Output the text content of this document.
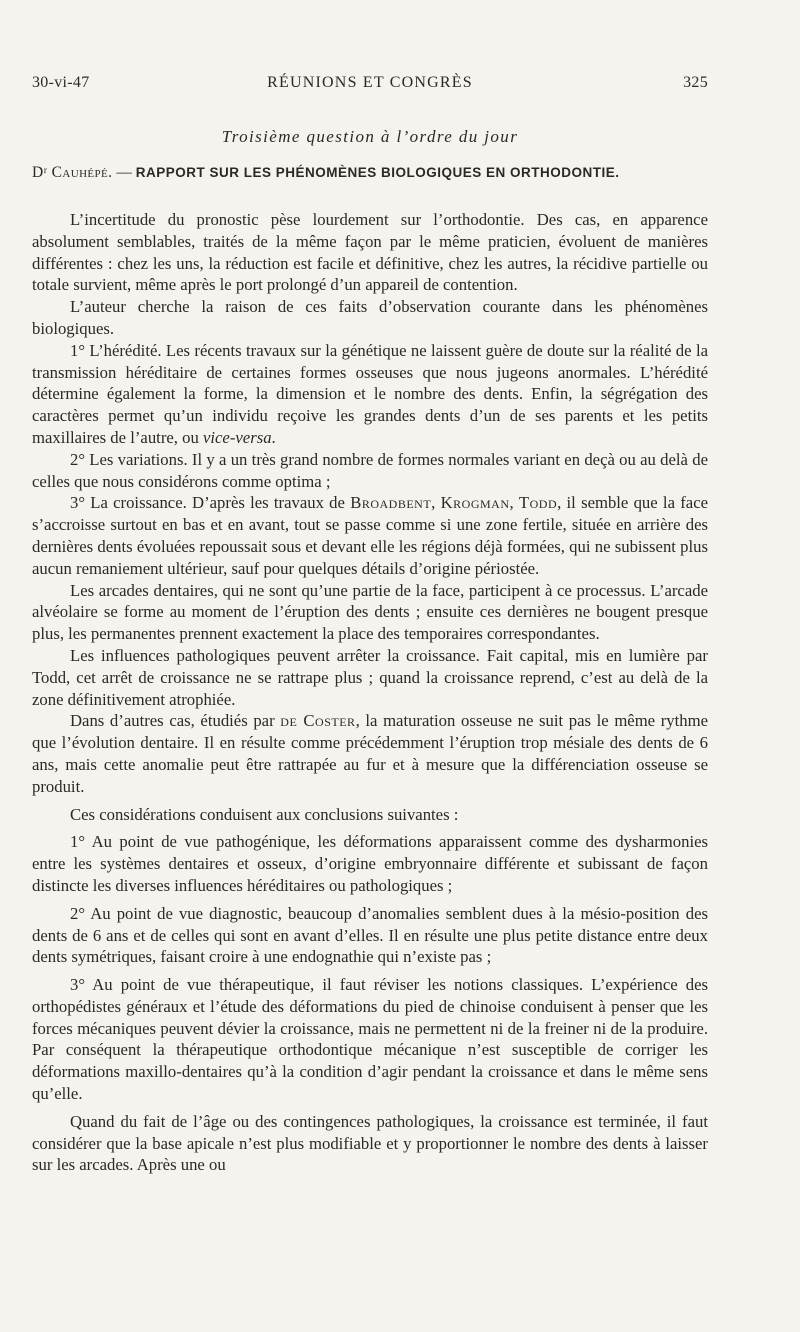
30-vi-47	RÉUNIONS ET CONGRÈS	325
Troisième question à l’ordre du jour
Dʳ Cauhépé. — RAPPORT SUR LES PHÉNOMÈNES BIOLOGIQUES EN ORTHODONTIE.

L’incertitude du pronostic pèse lourdement sur l’orthodontie. Des cas, en apparence absolument semblables, traités de la même façon par le même praticien, évoluent de manières différentes : chez les uns, la réduction est facile et définitive, chez les autres, la récidive partielle ou totale survient, même après le port prolongé d’un appareil de contention.

L’auteur cherche la raison de ces faits d’observation courante dans les phénomènes biologiques.

1° L’hérédité. Les récents travaux sur la génétique ne laissent guère de doute sur la réalité de la transmission héréditaire de certaines formes osseuses que nous jugeons anormales. L’hérédité détermine également la forme, la dimension et le nombre des dents. Enfin, la ségrégation des caractères permet qu’un individu reçoive les grandes dents d’un de ses parents et les petits maxillaires de l’autre, ou vice-versa.

2° Les variations. Il y a un très grand nombre de formes normales variant en deçà ou au delà de celles que nous considérons comme optima ;

3° La croissance. D’après les travaux de Broadbent, Krogman, Todd, il semble que la face s’accroisse surtout en bas et en avant, tout se passe comme si une zone fertile, située en arrière des dernières dents évoluées repoussait sous et devant elle les régions déjà formées, qui ne subissent plus aucun remaniement ultérieur, sauf pour quelques détails d’origine périostée.

Les arcades dentaires, qui ne sont qu’une partie de la face, participent à ce processus. L’arcade alvéolaire se forme au moment de l’éruption des dents ; ensuite ces dernières ne bougent presque plus, les permanentes prennent exactement la place des temporaires correspondantes.

Les influences pathologiques peuvent arrêter la croissance. Fait capital, mis en lumière par Todd, cet arrêt de croissance ne se rattrape plus ; quand la croissance reprend, c’est au delà de la zone définitivement atrophiée.

Dans d’autres cas, étudiés par de Coster, la maturation osseuse ne suit pas le même rythme que l’évolution dentaire. Il en résulte comme précédemment l’éruption trop mésiale des dents de 6 ans, mais cette anomalie peut être rattrapée au fur et à mesure que la différenciation osseuse se produit.

Ces considérations conduisent aux conclusions suivantes :

1° Au point de vue pathogénique, les déformations apparaissent comme des dysharmonies entre les systèmes dentaires et osseux, d’origine embryonnaire différente et subissant de façon distincte les diverses influences héréditaires ou pathologiques ;

2° Au point de vue diagnostic, beaucoup d’anomalies semblent dues à la mésio-position des dents de 6 ans et de celles qui sont en avant d’elles. Il en résulte une plus petite distance entre deux dents symétriques, faisant croire à une endognathie qui n’existe pas ;

3° Au point de vue thérapeutique, il faut réviser les notions classiques. L’expérience des orthopédistes généraux et l’étude des déformations du pied de chinoise conduisent à penser que les forces mécaniques peuvent dévier la croissance, mais ne permettent ni de la freiner ni de la produire. Par conséquent la thérapeutique orthodontique mécanique n’est susceptible de corriger les déformations maxillo-dentaires qu’à la condition d’agir pendant la croissance et dans le même sens qu’elle.

Quand du fait de l’âge ou des contingences pathologiques, la croissance est terminée, il faut considérer que la base apicale n’est plus modifiable et y proportionner le nombre des dents à laisser sur les arcades. Après une ou
